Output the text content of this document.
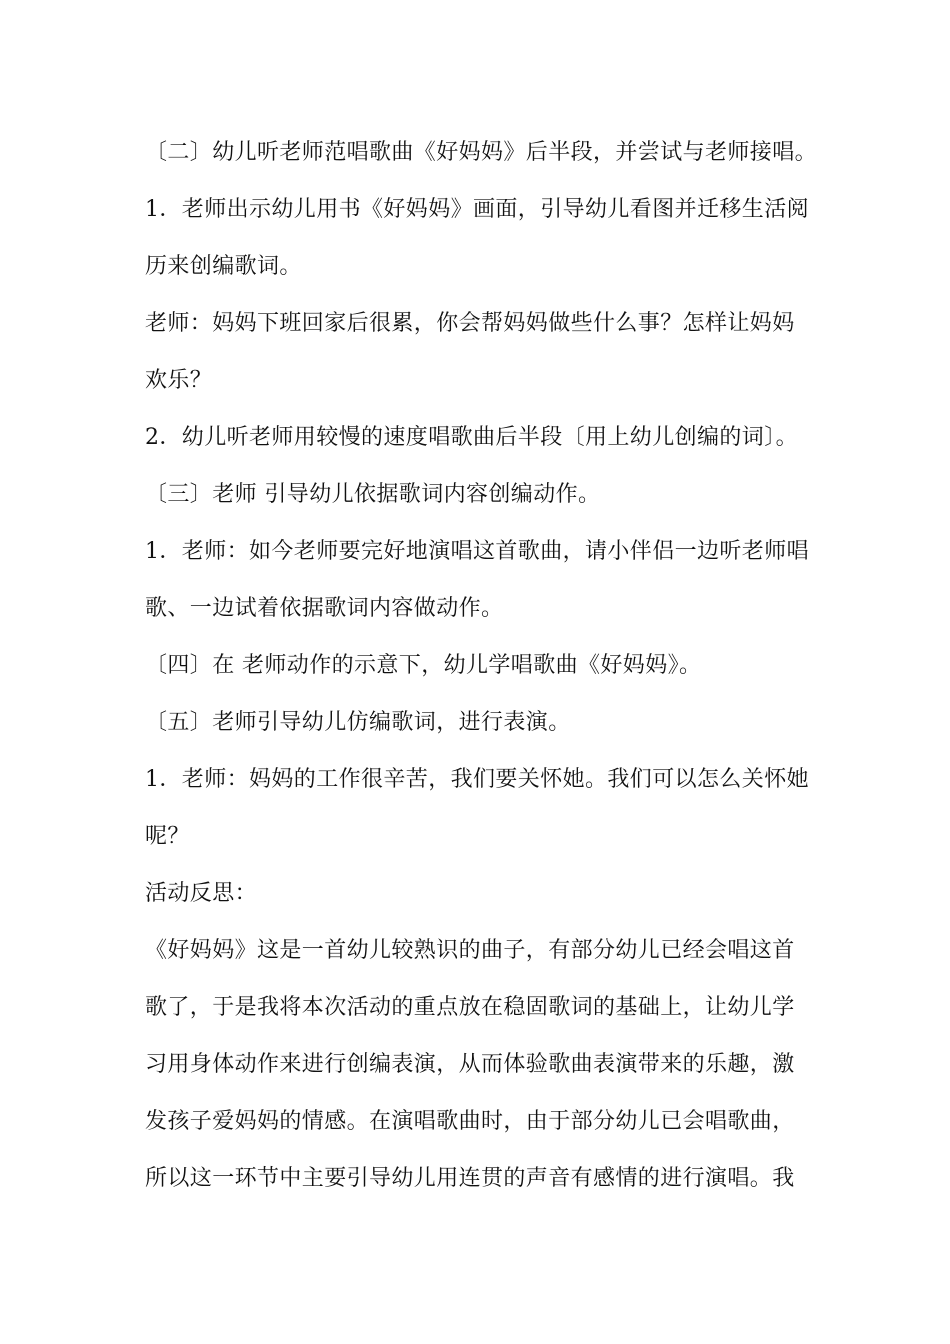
〔二〕幼儿听老师范唱歌曲《好妈妈》后半段，并尝试与老师接唱。
1．老师出示幼儿用书《好妈妈》画面，引导幼儿看图并迁移生活阅
历来创编歌词。
老师：妈妈下班回家后很累，你会帮妈妈做些什么事？怎样让妈妈
欢乐？
2．幼儿听老师用较慢的速度唱歌曲后半段〔用上幼儿创编的词〕。
〔三〕老师 引导幼儿依据歌词内容创编动作。
1．老师：如今老师要完好地演唱这首歌曲，请小伴侣一边听老师唱
歌、一边试着依据歌词内容做动作。
〔四〕在 老师动作的示意下，幼儿学唱歌曲《好妈妈》。
〔五〕老师引导幼儿仿编歌词，进行表演。
1．老师：妈妈的工作很辛苦，我们要关怀她。我们可以怎么关怀她
呢？
活动反思：
《好妈妈》这是一首幼儿较熟识的曲子，有部分幼儿已经会唱这首
歌了，于是我将本次活动的重点放在稳固歌词的基础上，让幼儿学
习用身体动作来进行创编表演，从而体验歌曲表演带来的乐趣，激
发孩子爱妈妈的情感。在演唱歌曲时，由于部分幼儿已会唱歌曲，
所以这一环节中主要引导幼儿用连贯的声音有感情的进行演唱。我
